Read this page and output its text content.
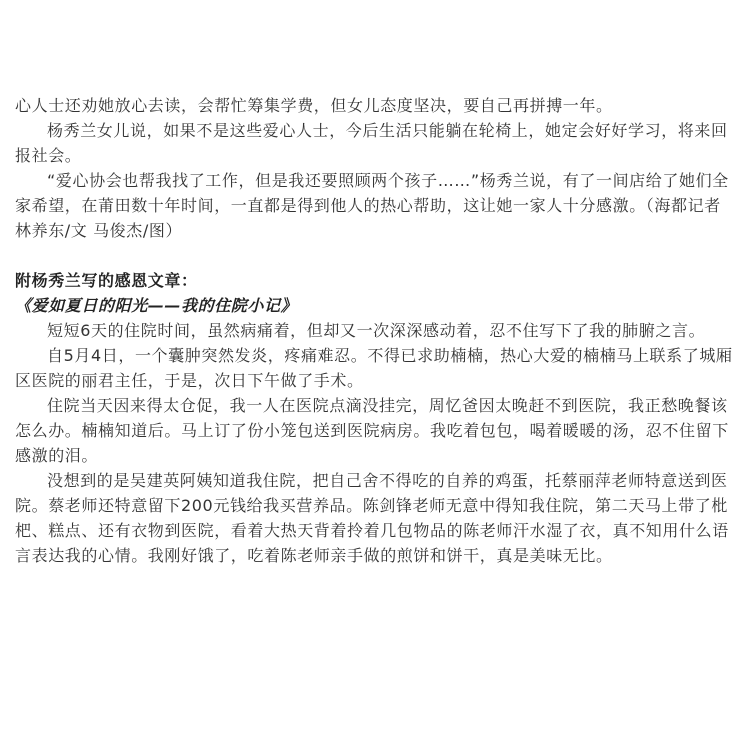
心人士还劝她放心去读，会帮忙筹集学费，但女儿态度坚决，要自己再拼搏一年。

杨秀兰女儿说，如果不是这些爱心人士，今后生活只能躺在轮椅上，她定会好好学习，将来回报社会。

“爱心协会也帮我找了工作，但是我还要照顾两个孩子……”杨秀兰说，有了一间店给了她们全家希望，在莆田数十年时间，一直都是得到他人的热心帮助，这让她一家人十分感激。（海都记者 林养东/文 马俊杰/图）

附杨秀兰写的感恩文章：

《爱如夏日的阳光——我的住院小记》

短短6天的住院时间，虽然病痛着，但却又一次深深感动着，忍不住写下了我的肺腑之言。

自5月4日，一个囊肿突然发炎，疼痛难忍。不得已求助楠楠，热心大爱的楠楠马上联系了城厢区医院的丽君主任，于是，次日下午做了手术。

住院当天因来得太仓促，我一人在医院点滴没挂完，周忆爸因太晚赶不到医院，我正愁晚餐该怎么办。楠楠知道后。马上订了份小笼包送到医院病房。我吃着包包，喝着暖暖的汤，忍不住留下感激的泪。

没想到的是吴建英阿姨知道我住院，把自己舍不得吃的自养的鸡蛋，托蔡丽萍老师特意送到医院。蔡老师还特意留下200元钱给我买营养品。陈剑锋老师无意中得知我住院，第二天马上带了枇杷、糕点、还有衣物到医院，看着大热天背着拎着几包物品的陈老师汗水湿了衣，真不知用什么语言表达我的心情。我刚好饿了，吃着陈老师亲手做的煎饼和饼干，真是美味无比。
